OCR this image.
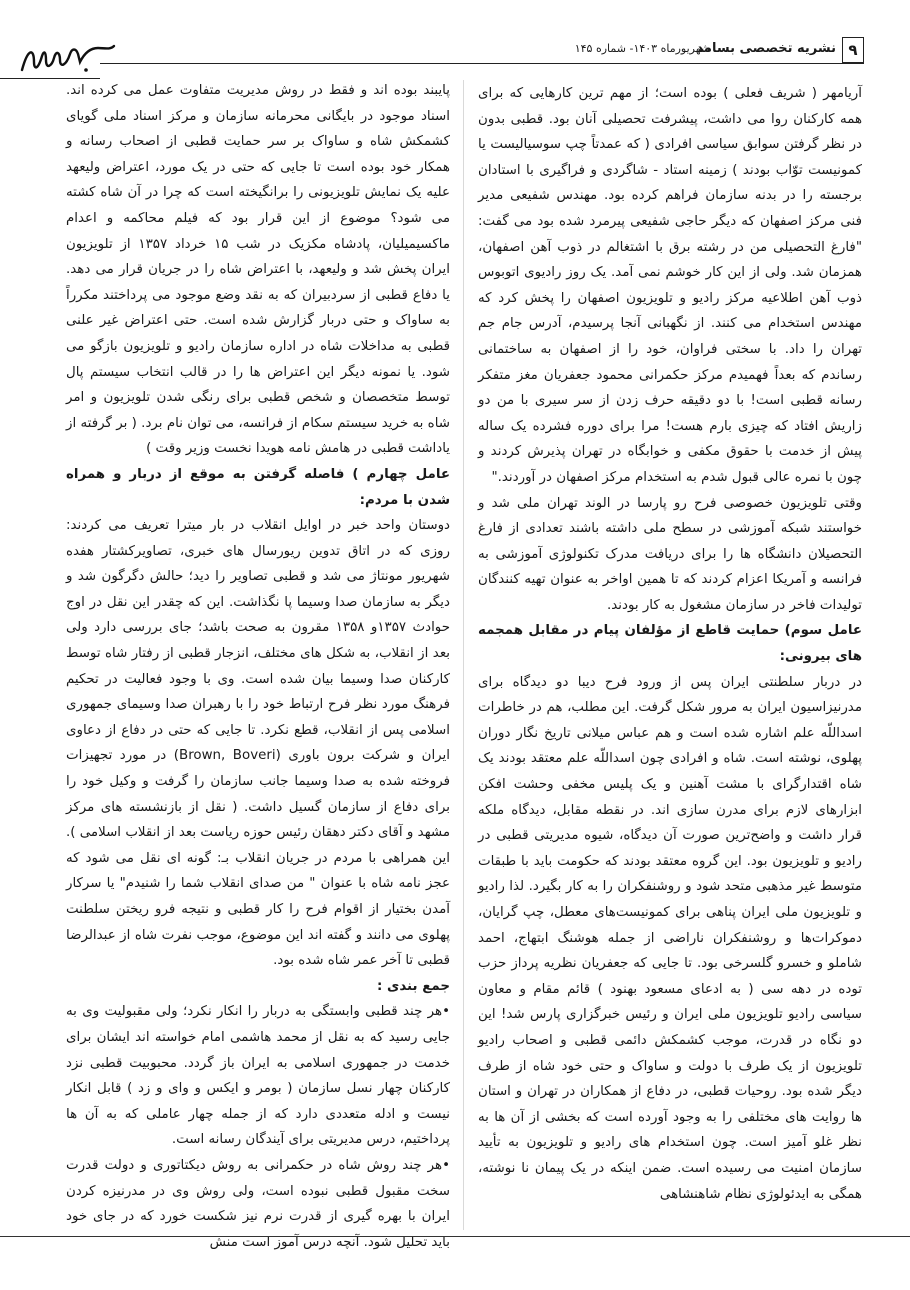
۹
نشریه تخصصی بسامد
شهریورماه ۱۴۰۳- شماره ۱۴۵

آریامهر ( شریف فعلی ) بوده است؛ از مهم ترین کارهایی که برای همه کارکنان روا می داشت، پیشرفت تحصیلی آنان بود. قطبی بدون در نظر گرفتن سوابق سیاسی افرادی ( که عمدتاً چپ سوسیالیست یا کمونیست توّاب بودند ) زمینه استاد - شاگردی و فراگیری با استادان برجسته را در بدنه سازمان فراهم کرده بود. مهندس شفیعی مدیر فنی مرکز اصفهان که دیگر حاجی شفیعی پیرمرد شده بود می گفت: "فارغ التحصیلی من در رشته برق با اشتغالم در ذوب آهن اصفهان، همزمان شد. ولی از این کار خوشم نمی آمد. یک روز رادیوی اتوبوس ذوب آهن اطلاعیه مرکز رادیو و تلویزیون اصفهان را پخش کرد که مهندس استخدام می کنند. از نگهبانی آنجا پرسیدم، آدرس جام جم تهران را داد. با سختی فراوان، خود را از اصفهان به ساختمانی رساندم که بعداً فهمیدم مرکز حکمرانی محمود جعفریان مغز متفکر رسانه قطبی است! با دو دقیقه حرف زدن از سر سیری با من دو زاریش افتاد که چیزی بارم هست! مرا برای دوره فشرده یک ساله پیش از خدمت با حقوق مکفی و خوابگاه در تهران پذیرش کردند و چون با نمره عالی قبول شدم به استخدام مرکز اصفهان در آوردند."

وقتی تلویزیون خصوصی فرح رو پارسا در الوند تهران ملی شد و خواستند شبکه آموزشی در سطح ملی داشته باشند تعدادی از فارغ التحصیلان دانشگاه ها را برای دریافت مدرک تکنولوژی آموزشی به فرانسه و آمریکا اعزام کردند که تا همین اواخر به عنوان تهیه کنندگان تولیدات فاخر در سازمان مشغول به کار بودند.

عامل سوم) حمایت قاطع از مؤلفان پیام در مقابل همجمه های بیرونی:

در دربار سلطنتی ایران پس از ورود فرح دیبا دو دیدگاه برای مدرنیزاسیون ایران به مرور شکل گرفت. این مطلب، هم در خاطرات اسداللّه علم اشاره شده است و هم عباس میلانی تاریخ نگار دوران پهلوی، نوشته است. شاه و افرادی چون اسداللّه علم معتقد بودند یک شاه اقتدارگرای با مشت آهنین و یک پلیس مخفی وحشت افکن ابزارهای لازم برای مدرن سازی اند. در نقطه مقابل، دیدگاه ملکه قرار داشت و واضح‌ترین صورت آن دیدگاه، شیوه مدیریتی قطبی در رادیو و تلویزیون بود. این گروه معتقد بودند که حکومت باید با طبقات متوسط غیر مذهبی متحد شود و روشنفکران را به کار بگیرد. لذا رادیو و تلویزیون ملی ایران پناهی برای کمونیست‌های معطل، چپ گرایان، دموکرات‌ها و روشنفکران ناراضی از جمله هوشنگ ابتهاج، احمد شاملو و خسرو گلسرخی بود. تا جایی که جعفریان نظریه پرداز حزب توده در دهه سی ( به ادعای مسعود بهنود ) قائم مقام و معاون سیاسی رادیو تلویزیون ملی ایران و رئیس خبرگزاری پارس شد! این دو نگاه در قدرت، موجب کشمکش دائمی قطبی و اصحاب رادیو تلویزیون از یک طرف با دولت و ساواک و حتی خود شاه از طرف دیگر شده بود. روحیات قطبی، در دفاع از همکاران در تهران و استان ها روایت های مختلفی را به وجود آورده است که بخشی از آن ها به نظر غلو آمیز است. چون استخدام های رادیو و تلویزیون به تأیید سازمان امنیت می رسیده است. ضمن اینکه در یک پیمان نا نوشته، همگی به ایدئولوژی نظام شاهنشاهی

پایبند بوده اند و فقط در روش مدیریت متفاوت عمل می کرده اند. اسناد موجود در بایگانی محرمانه سازمان و مرکز اسناد ملی گویای کشمکش شاه و ساواک بر سر حمایت قطبی از اصحاب رسانه و همکار خود بوده است تا جایی که حتی در یک مورد، اعتراض ولیعهد علیه یک نمایش تلویزیونی را برانگیخته است که چرا در آن شاه کشته می شود؟ موضوع از این قرار بود که فیلم محاکمه و اعدام ماکسیمیلیان، پادشاه مکزیک در شب ۱۵ خرداد ۱۳۵۷ از تلویزیون ایران پخش شد و ولیعهد، با اعتراض شاه را در جریان قرار می دهد. یا دفاع قطبی از سردبیران که به نقد وضع موجود می پرداختند مکرراً به ساواک و حتی دربار گزارش شده است. حتی اعتراض غیر علنی قطبی به مداخلات شاه در اداره سازمان رادیو و تلویزیون بازگو می شود. یا نمونه دیگر این اعتراض ها را در قالب انتخاب سیستم پال توسط متخصصان و شخص قطبی برای رنگی شدن تلویزیون و امر شاه به خرید سیستم سکام از فرانسه، می توان نام برد. ( بر گرفته از یاداشت قطبی در هامش نامه هویدا نخست وزیر وقت )

عامل چهارم ) فاصله گرفتن به موقع از دربار و همراه شدن با مردم:

دوستان واحد خبر در اوایل انقلاب در بار میترا تعریف می کردند: روزی که در اتاق تدوین ریورسال های خبری، تصاویرکشتار هفده شهریور مونتاژ می شد و قطبی تصاویر را دید؛ حالش دگرگون شد و دیگر به سازمان صدا وسیما پا نگذاشت. این که چقدر این نقل در اوج حوادث ۱۳۵۷و ۱۳۵۸ مقرون به صحت باشد؛ جای بررسی دارد ولی بعد از انقلاب، به شکل های مختلف، انزجار قطبی از رفتار شاه توسط کارکنان صدا وسیما بیان شده است. وی با وجود فعالیت در تحکیم فرهنگ مورد نظر فرح ارتباط خود را با رهبران صدا وسیمای جمهوری اسلامی پس از انقلاب، قطع نکرد. تا جایی که حتی در دفاع از دعاوی ایران و شرکت برون باوری (Brown, Boveri) در مورد تجهیزات فروخته شده به صدا وسیما جانب سازمان را گرفت و وکیل خود را برای دفاع از سازمان گسیل داشت. ( نقل از بازنشسته های مرکز مشهد و آقای دکتر دهقان رئیس حوزه ریاست بعد از انقلاب اسلامی ). این همراهی با مردم در جریان انقلاب بـ: گونه ای نقل می شود که عجز نامه شاه با عنوان " من صدای انقلاب شما را شنیدم" یا سرکار آمدن بختیار از اقوام فرح را کار قطبی و نتیجه فرو ریختن سلطنت پهلوی می دانند و گفته اند این موضوع، موجب نفرت شاه از عبدالرضا قطبی تا آخر عمر شاه شده بود.

جمع بندی :

•هر چند قطبی وابستگی به دربار را انکار نکرد؛ ولی مقبولیت وی به جایی رسید که به نقل از محمد هاشمی امام خواسته اند ایشان برای خدمت در جمهوری اسلامی به ایران باز گردد. محبوبیت قطبی نزد کارکنان چهار نسل سازمان ( بومر و ایکس و وای و زد ) قابل انکار نیست و ادله متعددی دارد که از جمله چهار عاملی که به آن ها پرداختیم، درس مدیریتی برای آیندگان رسانه است.

•هر چند روش شاه در حکمرانی به روش دیکتاتوری و دولت قدرت سخت مقبول قطبی نبوده است، ولی روش وی در مدرنیزه کردن ایران با بهره گیری از قدرت نرم نیز شکست خورد که در جای خود باید تحلیل شود. آنچه درس آموز است منش
